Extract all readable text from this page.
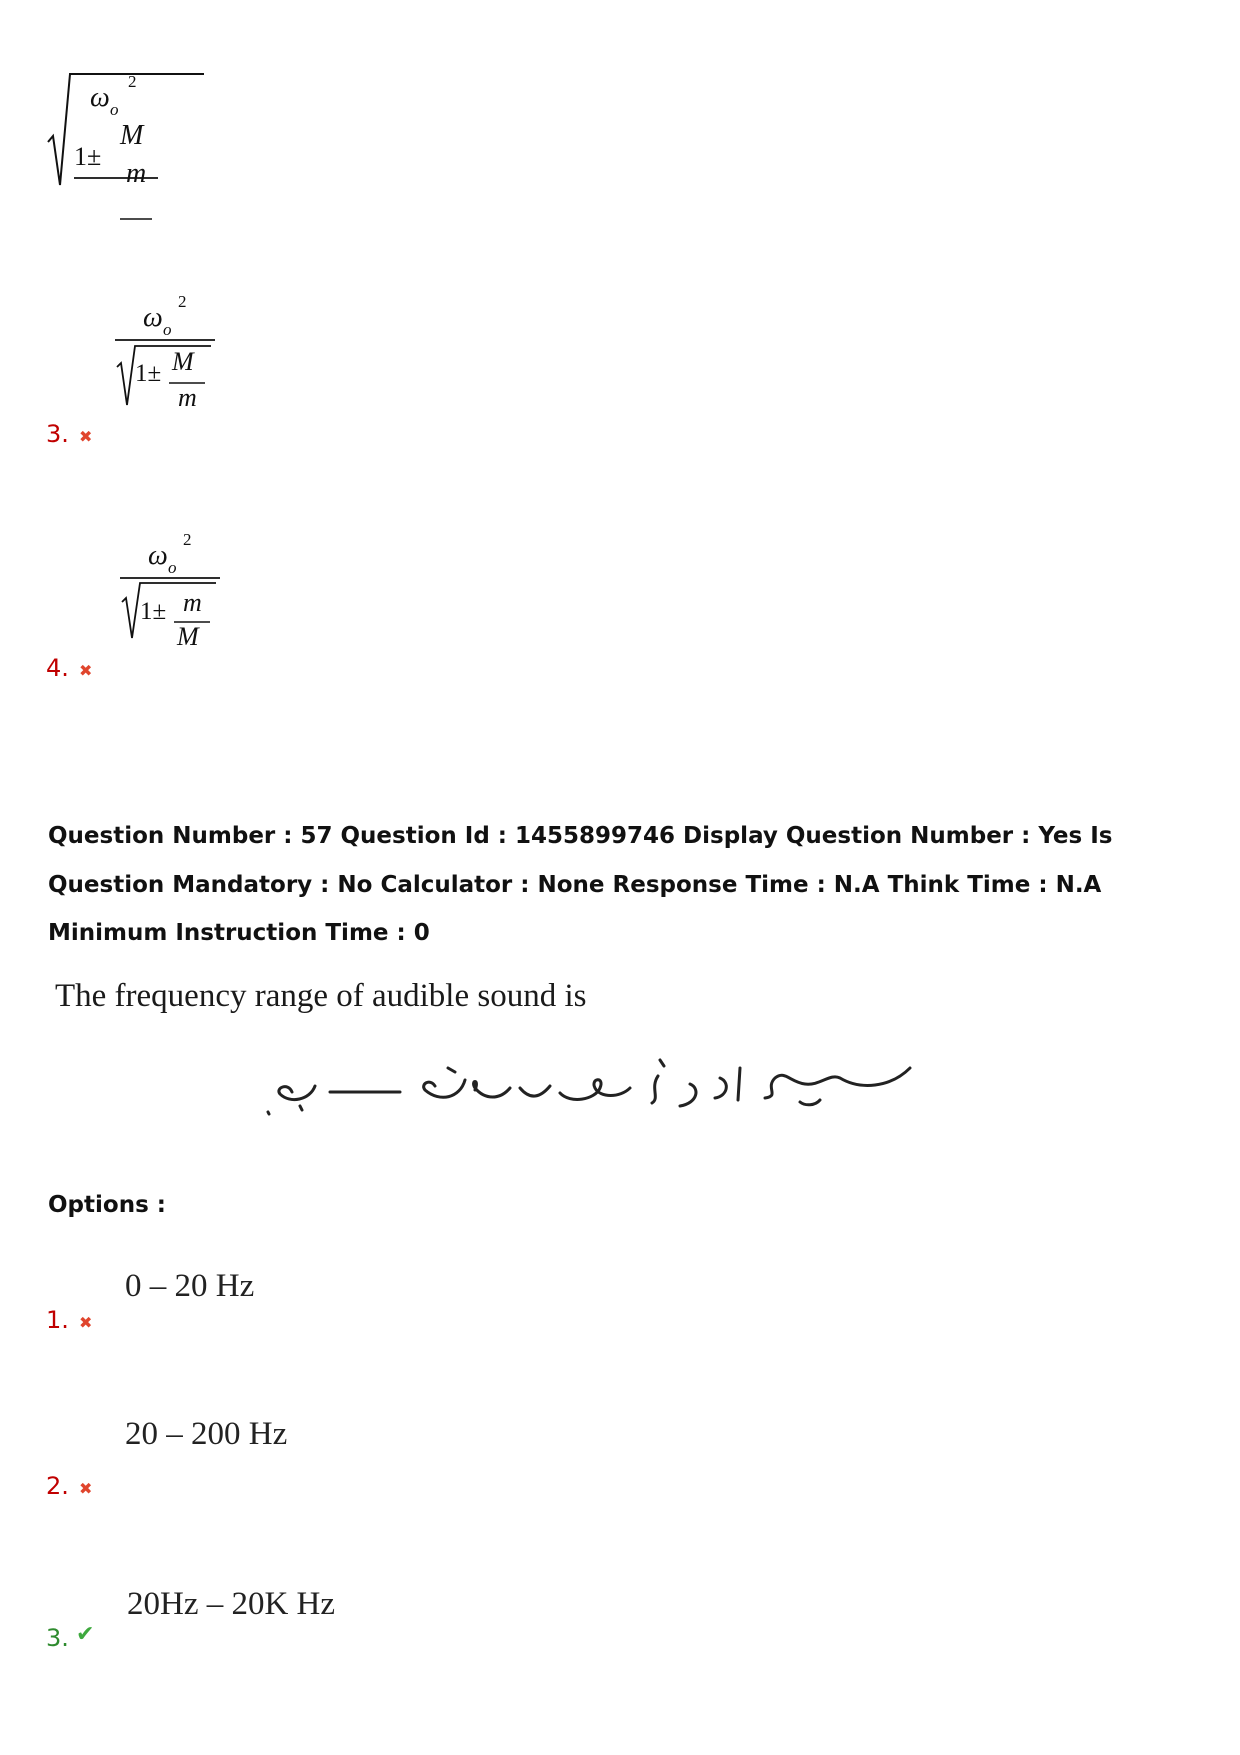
ω o
2
1±
M
m
3. ✖
ω o
2
1± M
m
4. ✖
ω o
2
1± m
M
Question Number : 57 Question Id : 1455899746 Display Question Number : Yes Is Question Mandatory : No Calculator : None Response Time : N.A Think Time : N.A Minimum Instruction Time : 0
The frequency range of audible sound is
Options :
0 – 20 Hz
1. ✖
20 – 200 Hz
2. ✖
20Hz – 20K Hz
3. ✔
